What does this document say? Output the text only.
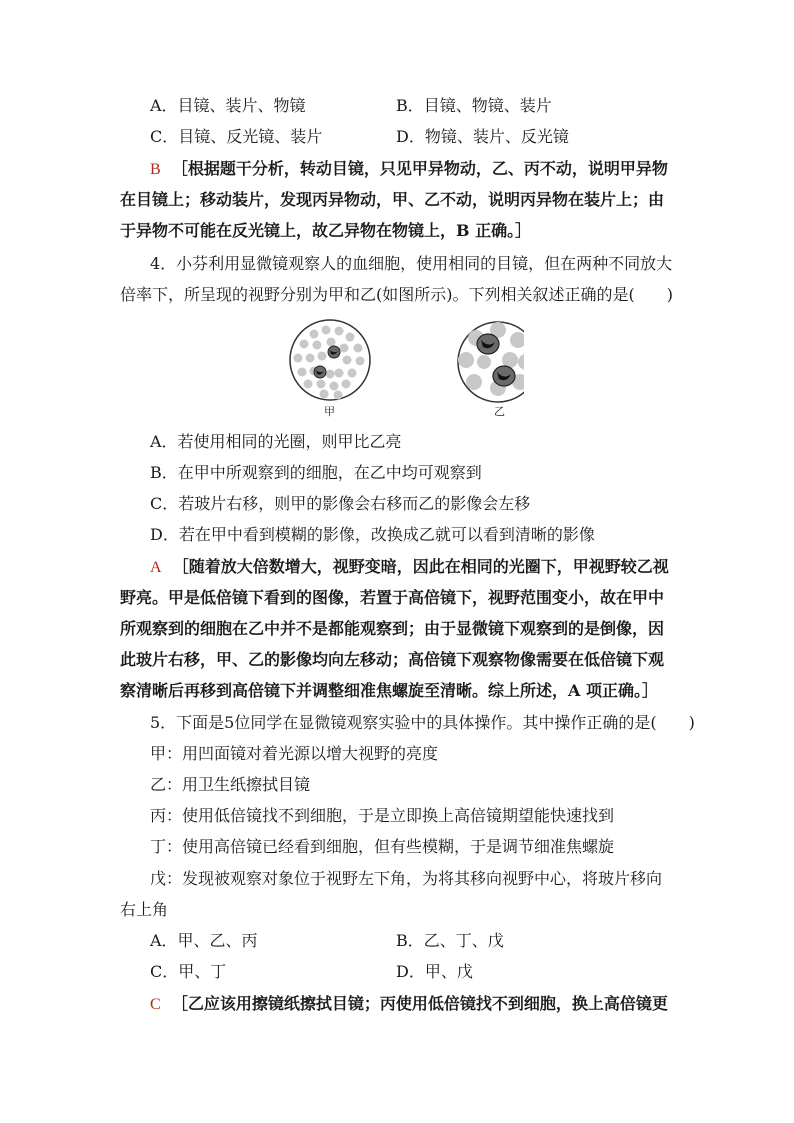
A．目镜、装片、物镜	B．目镜、物镜、装片
C．目镜、反光镜、装片	D．物镜、装片、反光镜
B ［根据题干分析，转动目镜，只见甲异物动，乙、丙不动，说明甲异物
在目镜上；移动装片，发现丙异物动，甲、乙不动，说明丙异物在装片上；由
于异物不可能在反光镜上，故乙异物在物镜上，B 正确。］
4．小芬利用显微镜观察人的血细胞，使用相同的目镜，但在两种不同放大
倍率下，所呈现的视野分别为甲和乙(如图所示)。下列相关叙述正确的是(　　)
甲	乙
A．若使用相同的光圈，则甲比乙亮
B．在甲中所观察到的细胞，在乙中均可观察到
C．若玻片右移，则甲的影像会右移而乙的影像会左移
D．若在甲中看到模糊的影像，改换成乙就可以看到清晰的影像
A ［随着放大倍数增大，视野变暗，因此在相同的光圈下，甲视野较乙视
野亮。甲是低倍镜下看到的图像，若置于高倍镜下，视野范围变小，故在甲中
所观察到的细胞在乙中并不是都能观察到；由于显微镜下观察到的是倒像，因
此玻片右移，甲、乙的影像均向左移动；高倍镜下观察物像需要在低倍镜下观
察清晰后再移到高倍镜下并调整细准焦螺旋至清晰。综上所述，A 项正确。］
5．下面是5位同学在显微镜观察实验中的具体操作。其中操作正确的是(　　)
甲：用凹面镜对着光源以增大视野的亮度
乙：用卫生纸擦拭目镜
丙：使用低倍镜找不到细胞，于是立即换上高倍镜期望能快速找到
丁：使用高倍镜已经看到细胞，但有些模糊，于是调节细准焦螺旋
戊：发现被观察对象位于视野左下角，为将其移向视野中心，将玻片移向
右上角
A．甲、乙、丙	B．乙、丁、戊
C．甲、丁	D．甲、戊
C ［乙应该用擦镜纸擦拭目镜；丙使用低倍镜找不到细胞，换上高倍镜更
